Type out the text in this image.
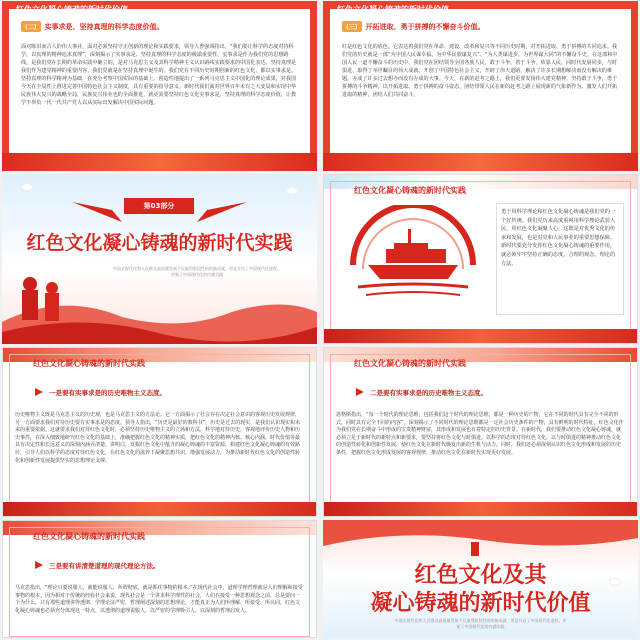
(二) 实事求是、坚持真理的科学态度价值。
面对陈旧而古人的伟大事业，面对必须坚持守正创新的理论和实践要求，领导人曾强调指出，“我们要让科学的态度对待科学，以真理的精神追求真理”，深刻揭示了实事求是、坚持真理的科学态度的极端重要性。实事求是作为我们党的思想路线，是我们党在长期的革命实践中确立的，是对马克思主义及其科学精神主义认识路线实践要求的中国化表达。坚持真理是我们作为建党精神的重要内容，我们党就是在坚持真理中诞生的。我们党在不同历史时期创新的红色文化，都以实事求是、坚持真理的科学精神为基础，在充分考察中国实际的基础上，创造性地提出了一系列马克思主义中国化的理论成果，对我国今天在全局性上推进完善中国特色社会主义制度，具有重要的指导意义。新时代我们面对世界百年未有之大变局和实现中华民族伟大复兴的战略全局，民族复兴伟业也的全面推进，就更需要坚持红色文化实事求是，坚持真理的科学态度价值，让教学不辜负一代一代共产党人以从实际出发解决中国实际问题。
(三) 开拓进取、勇于拼搏的不懈奋斗价值。
红是红色文化的底色。它表达着我们党在革命、建设、改革和复兴等不同历史时期，对开拓进取、勇于拼搏的共同追求。我们党的历史就是一部“为中国人民谋幸福、为中华民族谋复兴”、“为人类谋进步、为世界谋大同”的不懈奋斗史。在这部和中国人民一道不懈奋斗的历史中，我们党在团结领导全国各族人民，敢于斗争，善于斗争，依靠人民，同时代发展同步，与时俱进，取得了举世瞩目的伟大成就。开创了中国特色社会主义，开辟了伟大道路，解决了许多长期想解决而没有解决的难题，办成了许多过去想办而没有办成的大事。今天，在新的赶考之路上，我们更要发扬伟大建党精神，坚持敢于斗争，勇于拼搏的斗争精神，以开拓进取、勇于拼搏的奋斗姿态，团结带领人民在新的赶考之路上展现新的气象新作为。激发人们开拓进取的精神，团结人们共同奋斗。
第03部分
红色文化凝心铸魂的新时代实践
中国式现代化和人民群众高质量发展不仅取得阶段性的的新成就，更是开启了中国现代化进程，更新了中国现代化的内涵实践
红色文化凝心铸魂的新时代实践
勇于用科学理论和红色文化凝心铸魂是我们党的一个好传统。我们党历来高度重视用科学理论武装人民，用红色文化凝聚人心，这既是对优秀文化的传承和发展，也是对党和人民事业的重要思想保障。新时代要充分发挥红色文化凝心铸魂的重要作用，就必须牢牢坚持正确的态度，合理的观念，理论的方法。
红色文化凝心铸魂的新时代实践
一是要有实事求是的历史唯物主义态度。
历史唯物主义既是马克思主义的历史观，也是马克思主义的方法论。它一方面揭示了社会存在决定社会意识的客观历史发展规律，另一方面要求我们对待历史要有实事求是的态度。领导人指出，“历史是最好的教科书”，历史是过去的现实，是我们认识现实和未来的重要依据。这就要求我们对待红色文化时，必须坚持历史唯物主义的立场和方法，科学地对待历史，客观地评价历史人物和历史事件，在深入细致地研究红色文化的基础上，准确把握红色文化的精神实质，把红色文化的精神内核、核心内涵、时代价值等最具有决定性和长远意义的深刻内涵弄清楚、讲明白，发掘红色文化中蕴含的凝心铸魂的丰富资源，构建红色文化凝心铸魂的有效路径，引导人们以科学的态度对待红色文化，在红色文化的滋养下凝聚思想共识，增强发展动力，为推动新时代红色文化的创造性转化和创新性发展提供坚实的思想理论支撑。
红色文化凝心铸魂的新时代实践
二是要有实事求是的历史唯物主义态度。
恩格斯指出，“每一个时代的理论思维，包括我们这个时代的理论思维，都是一种历史的产物，它在不同的时代具有完全不同的形式，同时具有完全不同的内容”。深刻揭示了不同时代的理论思维都是一定社会历史条件的产物，具有鲜明的时代特征。红色文化作为我们党在长期奋斗中形成的宝贵精神财富，其形成和发展也有着特定的历史背景。在新时代，我们要推动红色文化凝心铸魂，就必须立足于新时代的新特点和新要求，要坚持将红色文化与时俱进，以科学的态度对待红色文化，以与时俱进的精神推动红色文化的创造性转化和创新性发展，使红色文化在新时代焕发出新的生机与活力。同时，我们还必须深刻认识红色文化形成和发展的历史条件，把握红色文化形成发展的客观规律，推动红色文化在新时代实现更好发展。
红色文化凝心铸魂的新时代实践
三是要有讲清楚道理的现代理论方法。
马克思指出，“理论只要说服人，就能说服人。所谓彻底，就是抓住事物的根本。”在现代社会中，道理学理哲理就是人们理解和接受事物的根本。因为相对于传统的经验社会来说，现代社会是一个讲求科学理性的社会，人们在接受一种思想观念之前，总是要问一个为什么，只有那些道理讲得透彻、学理论证严密、哲理阐述深刻的思想理论，才能真正为人们所理解、所接受、所认同。红色文化凝心铸魂也必须充分体现这一特点，以透彻的道理说服人，以严密的学理吸引人，以深刻的哲理启发人。
红色文化及其
凝心铸魂的新时代价值
中国式现代化和人民群众高质量发展不仅取得阶段性的的新成就，更是开启了中国现代化进程，更新了中国现代化的内涵实践
